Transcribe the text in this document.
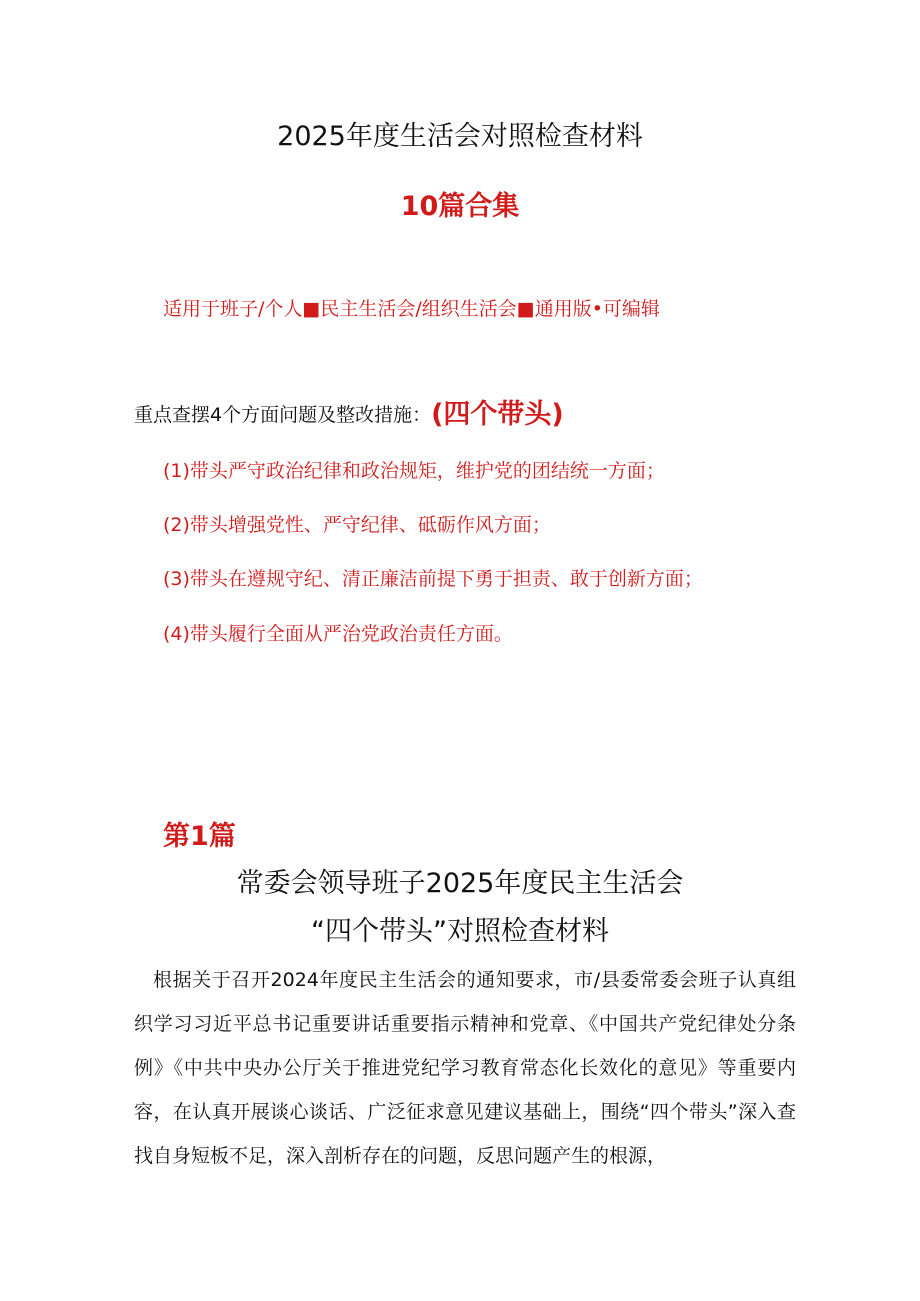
2025年度生活会对照检查材料
10篇合集
适用于班子/个人■民主生活会/组织生活会■通用版•可编辑
重点查摆4个方面问题及整改措施：(四个带头)
(1)带头严守政治纪律和政治规矩，维护党的团结统一方面；
(2)带头增强党性、严守纪律、砥砺作风方面；
(3)带头在遵规守纪、清正廉洁前提下勇于担责、敢于创新方面；
(4)带头履行全面从严治党政治责任方面。
第1篇
常委会领导班子2025年度民主生活会
“四个带头”对照检查材料
根据关于召开2024年度民主生活会的通知要求，市/县委常委会班子认真组织学习习近平总书记重要讲话重要指示精神和党章、《中国共产党纪律处分条例》《中共中央办公厅关于推进党纪学习教育常态化长效化的意见》等重要内容，在认真开展谈心谈话、广泛征求意见建议基础上，围绕“四个带头”深入查找自身短板不足，深入剖析存在的问题，反思问题产生的根源，
